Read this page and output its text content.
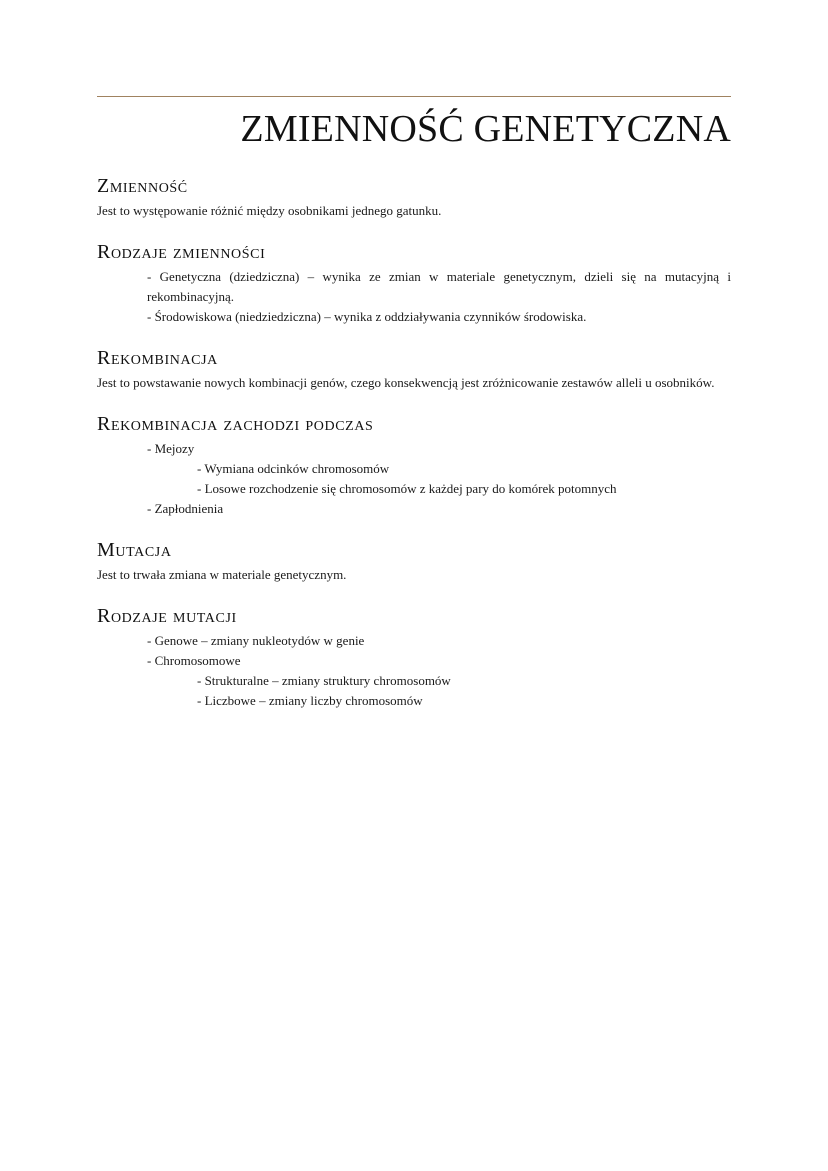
ZMIENNOŚĆ GENETYCZNA
Zmienność

Jest to występowanie różnić między osobnikami jednego gatunku.

Rodzaje zmienności

- Genetyczna (dziedziczna) – wynika ze zmian w materiale genetycznym, dzieli się na mutacyjną i rekombinacyjną.

- Środowiskowa (niedziedziczna) – wynika z oddziaływania czynników środowiska.

Rekombinacja

Jest to powstawanie nowych kombinacji genów, czego konsekwencją jest zróżnicowanie zestawów alleli u osobników.

Rekombinacja zachodzi podczas

- Mejozy

- Wymiana odcinków chromosomów

- Losowe rozchodzenie się chromosomów z każdej pary do komórek potomnych

- Zapłodnienia

Mutacja

Jest to trwała zmiana w materiale genetycznym.

Rodzaje mutacji

- Genowe – zmiany nukleotydów w genie

- Chromosomowe

- Strukturalne – zmiany struktury chromosomów

- Liczbowe – zmiany liczby chromosomów
